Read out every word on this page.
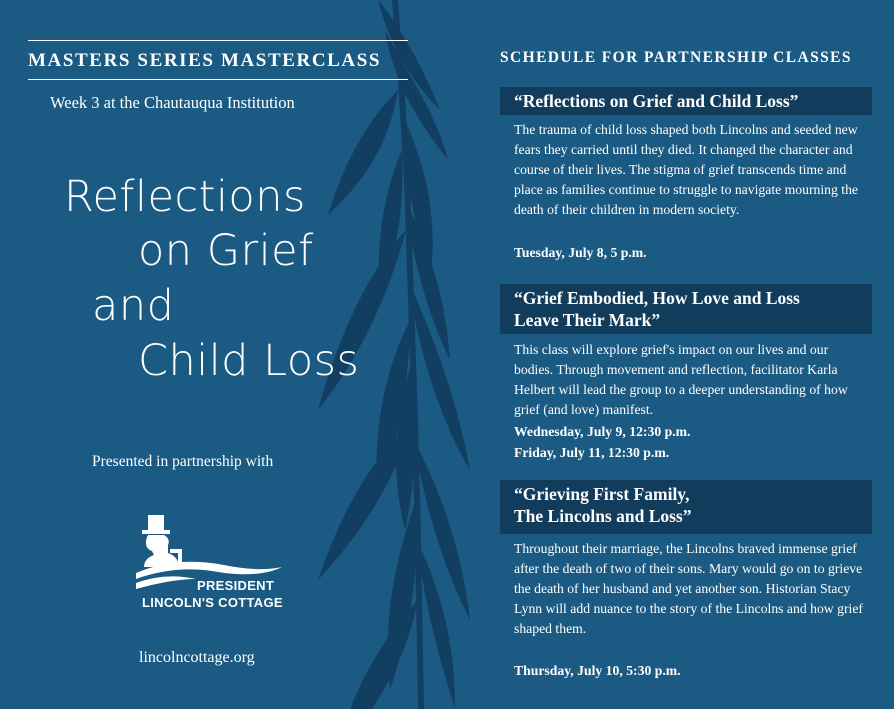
MASTERS SERIES MASTERCLASS
Week 3 at the Chautauqua Institution
Reflections
on Grief
and
Child Loss
Presented in partnership with
PRESIDENT
LINCOLN'S COTTAGE
lincolncottage.org
SCHEDULE FOR PARTNERSHIP CLASSES
“Reflections on Grief and Child Loss”
The trauma of child loss shaped both Lincolns and seeded new fears they carried until they died. It changed the character and course of their lives. The stigma of grief transcends time and place as families continue to struggle to navigate mourning the death of their children in modern society.
Tuesday, July 8, 5 p.m.
“Grief Embodied, How Love and Loss
Leave Their Mark”
This class will explore grief's impact on our lives and our bodies. Through movement and reflection, facilitator Karla Helbert will lead the group to a deeper understanding of how grief (and love) manifest.
Wednesday, July 9, 12:30 p.m.
Friday, July 11, 12:30 p.m.
“Grieving First Family,
The Lincolns and Loss”
Throughout their marriage, the Lincolns braved immense grief after the death of two of their sons. Mary would go on to grieve the death of her husband and yet another son. Historian Stacy Lynn will add nuance to the story of the Lincolns and how grief shaped them.
Thursday, July 10, 5:30 p.m.
